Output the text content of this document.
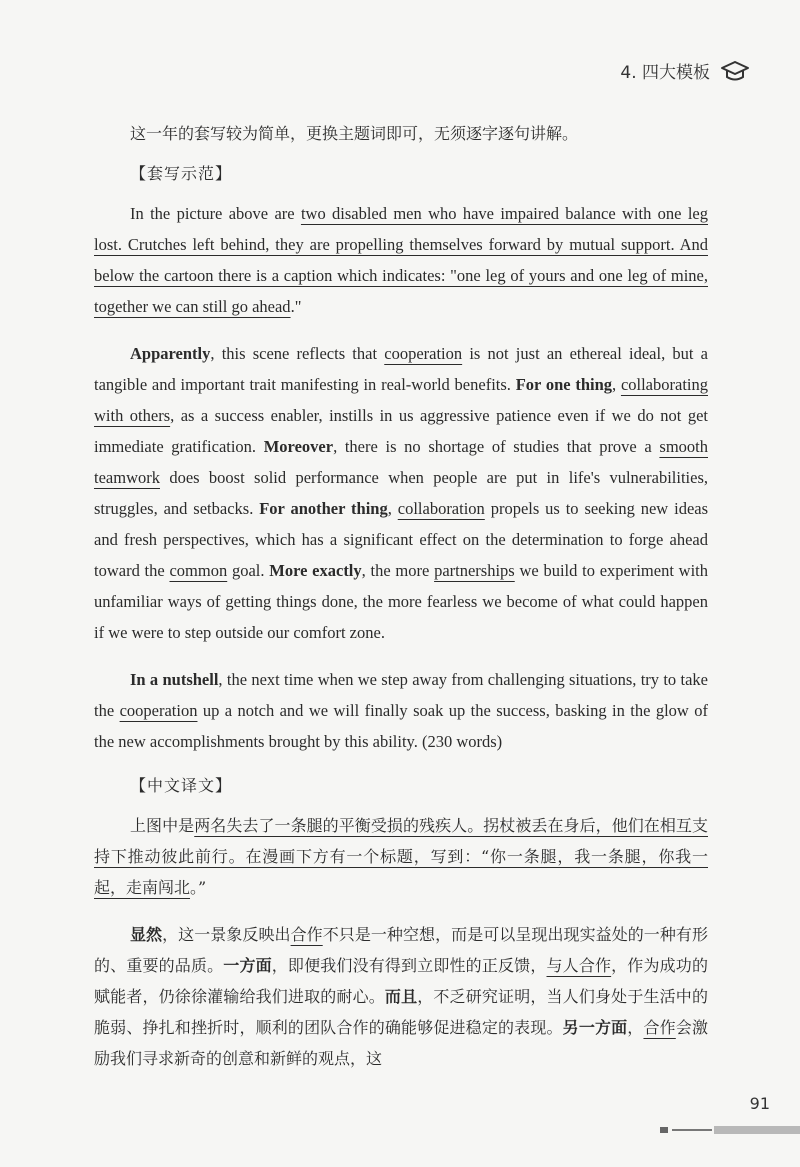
4. 四大模板

这一年的套写较为简单，更换主题词即可，无须逐字逐句讲解。

【套写示范】

In the picture above are two disabled men who have impaired balance with one leg lost. Crutches left behind, they are propelling themselves forward by mutual support. And below the cartoon there is a caption which indicates: "one leg of yours and one leg of mine, together we can still go ahead."

Apparently, this scene reflects that cooperation is not just an ethereal ideal, but a tangible and important trait manifesting in real-world benefits. For one thing, collaborating with others, as a success enabler, instills in us aggressive patience even if we do not get immediate gratification. Moreover, there is no shortage of studies that prove a smooth teamwork does boost solid performance when people are put in life's vulnerabilities, struggles, and setbacks. For another thing, collaboration propels us to seeking new ideas and fresh perspectives, which has a significant effect on the determination to forge ahead toward the common goal. More exactly, the more partnerships we build to experiment with unfamiliar ways of getting things done, the more fearless we become of what could happen if we were to step outside our comfort zone.

In a nutshell, the next time when we step away from challenging situations, try to take the cooperation up a notch and we will finally soak up the success, basking in the glow of the new accomplishments brought by this ability. (230 words)

【中文译文】

上图中是两名失去了一条腿的平衡受损的残疾人。拐杖被丢在身后，他们在相互支持下推动彼此前行。在漫画下方有一个标题，写到：“你一条腿，我一条腿，你我一起，走南闯北。”

显然，这一景象反映出合作不只是一种空想，而是可以呈现出现实益处的一种有形的、重要的品质。一方面，即便我们没有得到立即性的正反馈，与人合作，作为成功的赋能者，仍徐徐灌输给我们进取的耐心。而且，不乏研究证明，当人们身处于生活中的脆弱、挣扎和挫折时，顺利的团队合作的确能够促进稳定的表现。另一方面，合作会激励我们寻求新奇的创意和新鲜的观点，这

91
